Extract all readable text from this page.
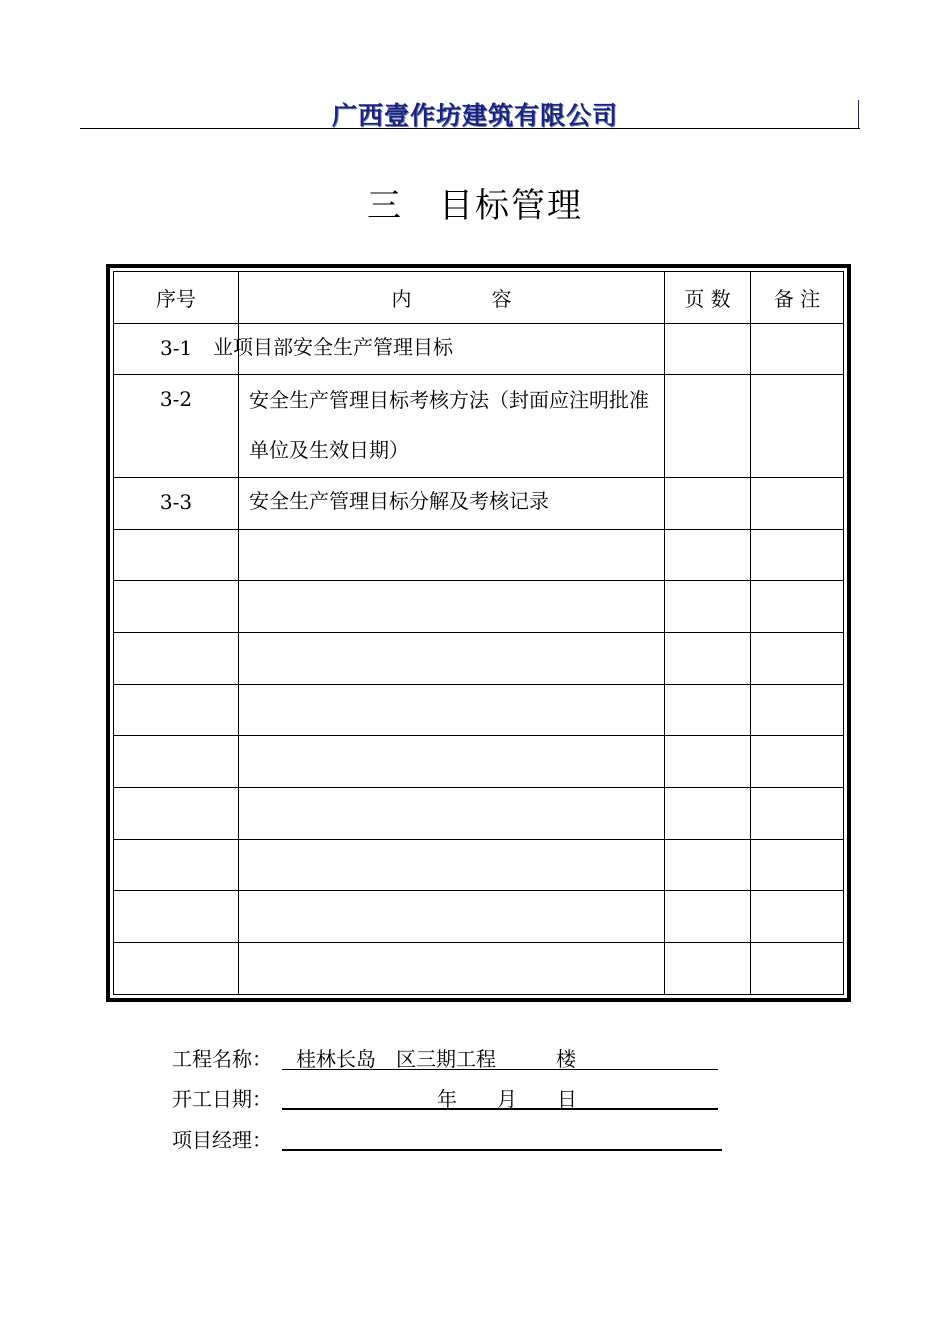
广西壹作坊建筑有限公司
三　目标管理
序号	内　　　　容	页 数	备 注
3-1	业项目部安全生产管理目标		
3-2	安全生产管理目标考核方法（封面应注明批准单位及生效日期）		
3-3	安全生产管理目标分解及考核记录		

工程名称： 桂林长岛　区三期工程　　　楼
开工日期：	年　　月　　日
项目经理：
